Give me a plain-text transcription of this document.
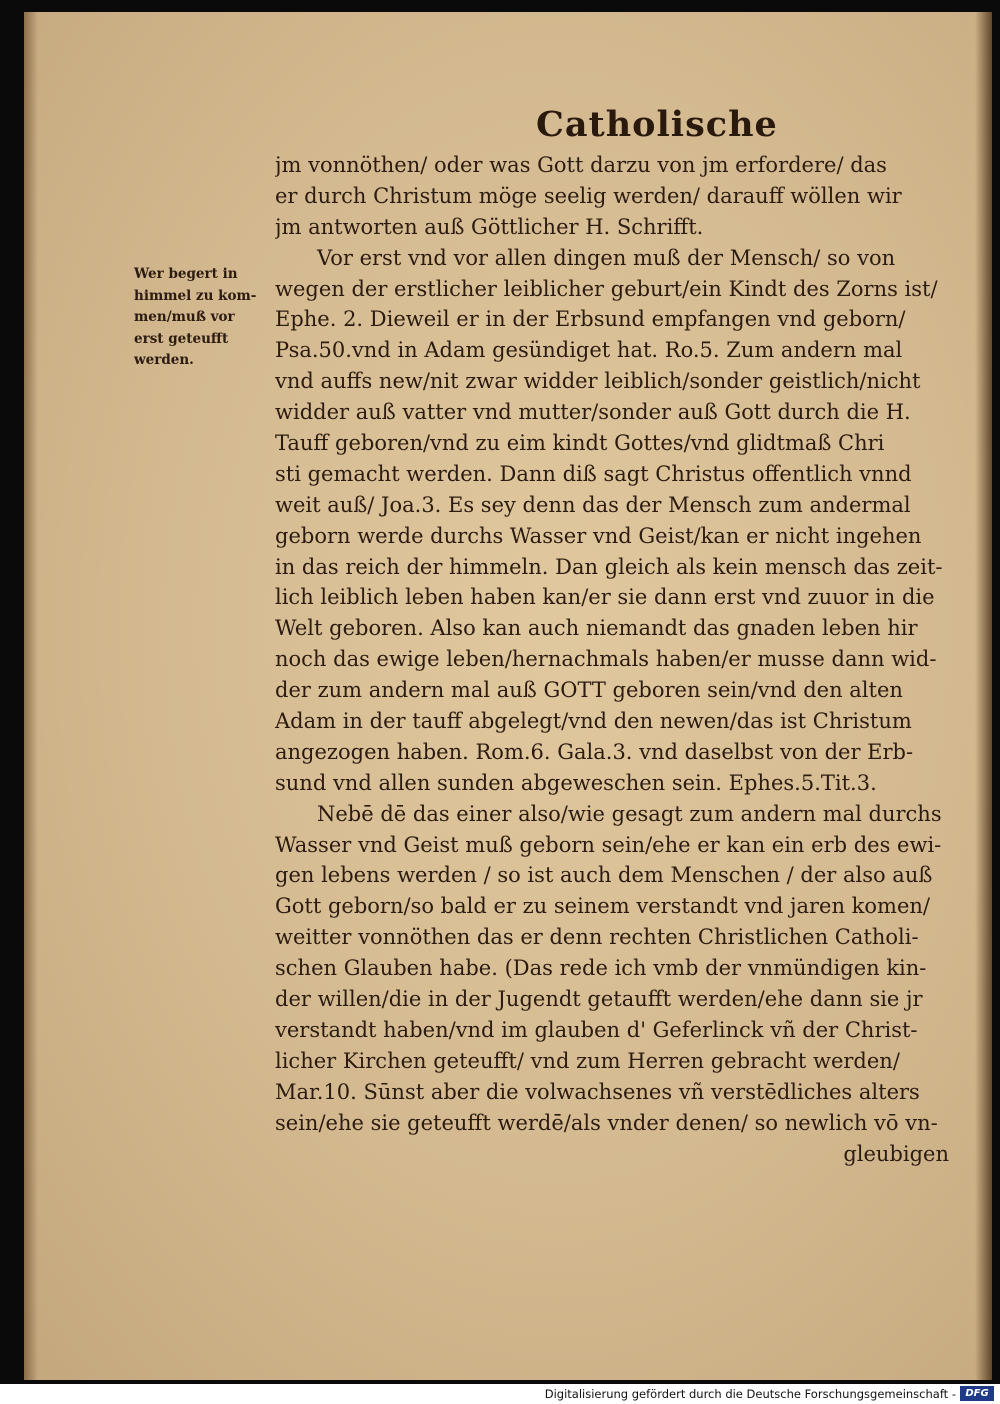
Catholische
Wer begert in
himmel zu kom-
men/muß vor
erst geteufft
werden.
jm vonnöthen/ oder was Gott darzu von jm erfordere/ das
er durch Christum möge seelig werden/ darauff wöllen wir
jm antworten auß Göttlicher H. Schrifft.
Vor erst vnd vor allen dingen muß der Mensch/ so von
wegen der erstlicher leiblicher geburt/ein Kindt des Zorns ist/
Ephe. 2. Dieweil er in der Erbsund empfangen vnd geborn/
Psa.50.vnd in Adam gesündiget hat. Ro.5. Zum andern mal
vnd auffs new/nit zwar widder leiblich/sonder geistlich/nicht
widder auß vatter vnd mutter/sonder auß Gott durch die H.
Tauff geboren/vnd zu eim kindt Gottes/vnd glidtmaß Chri
sti gemacht werden. Dann diß sagt Christus offentlich vnnd
weit auß/ Joa.3. Es sey denn das der Mensch zum andermal
geborn werde durchs Wasser vnd Geist/kan er nicht ingehen
in das reich der himmeln. Dan gleich als kein mensch das zeit-
lich leiblich leben haben kan/er sie dann erst vnd zuuor in die
Welt geboren. Also kan auch niemandt das gnaden leben hir
noch das ewige leben/hernachmals haben/er musse dann wid-
der zum andern mal auß GOTT geboren sein/vnd den alten
Adam in der tauff abgelegt/vnd den newen/das ist Christum
angezogen haben. Rom.6. Gala.3. vnd daselbst von der Erb-
sund vnd allen sunden abgeweschen sein. Ephes.5.Tit.3.
Nebē dē das einer also/wie gesagt zum andern mal durchs
Wasser vnd Geist muß geborn sein/ehe er kan ein erb des ewi-
gen lebens werden / so ist auch dem Menschen / der also auß
Gott geborn/so bald er zu seinem verstandt vnd jaren komen/
weitter vonnöthen das er denn rechten Christlichen Catholi-
schen Glauben habe. (Das rede ich vmb der vnmündigen kin-
der willen/die in der Jugendt getaufft werden/ehe dann sie jr
verstandt haben/vnd im glauben d' Geferlinck vñ der Christ-
licher Kirchen geteufft/ vnd zum Herren gebracht werden/
Mar.10. Sūnst aber die volwachsenes vñ verstēdliches alters
sein/ehe sie geteufft werdē/als vnder denen/ so newlich vō vn-
gleubigen
Digitalisierung gefördert durch die Deutsche Forschungsgemeinschaft - DFG
